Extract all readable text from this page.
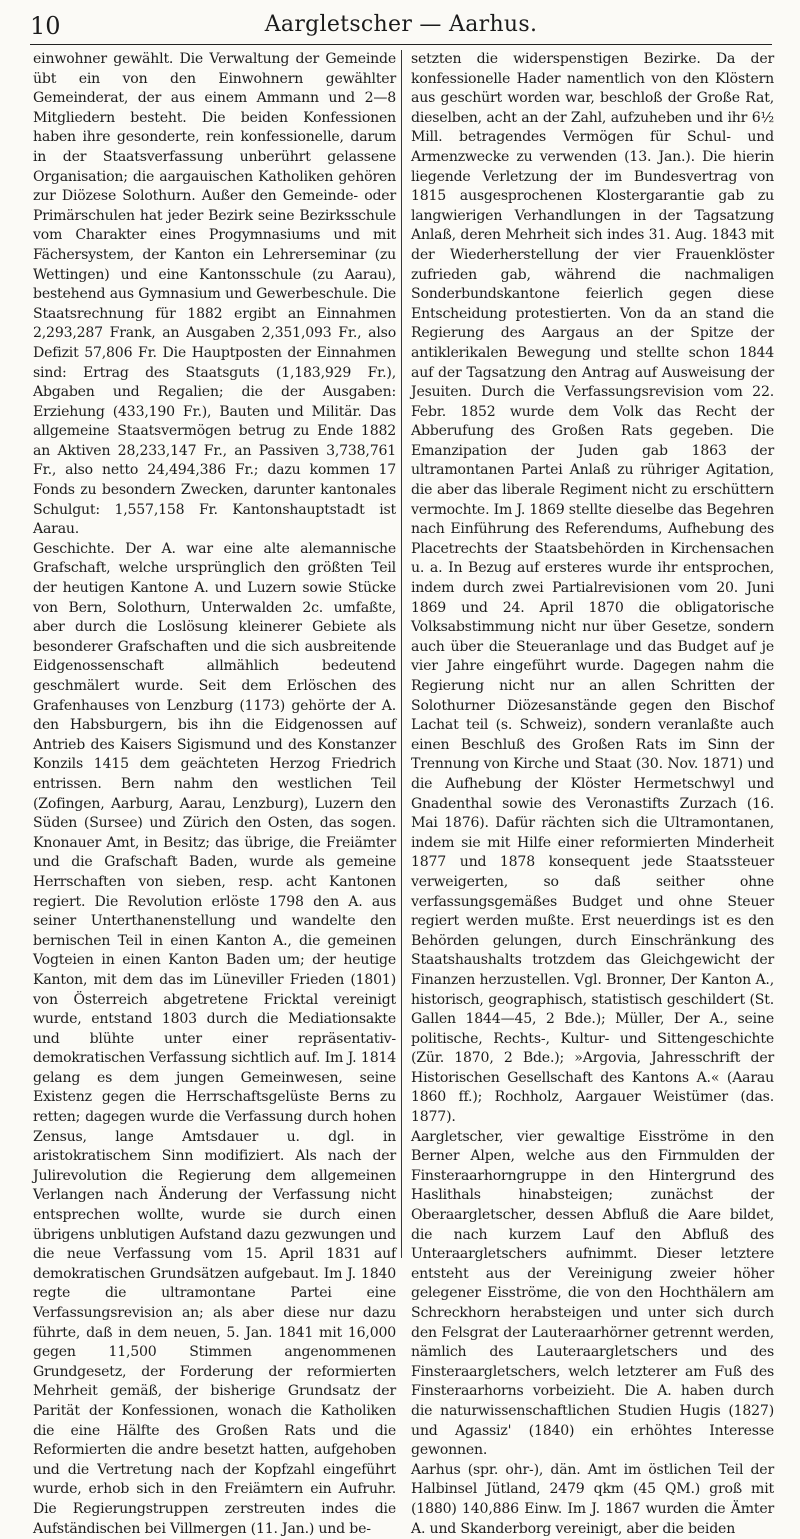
10	Aargletscher — Aarhus.

einwohner gewählt. Die Verwaltung der Gemeinde übt ein von den Einwohnern gewählter Gemeinderat, der aus einem Ammann und 2—8 Mitgliedern besteht. Die beiden Konfessionen haben ihre gesonderte, rein konfessionelle, darum in der Staatsverfassung unberührt gelassene Organisation; die aargauischen Katholiken gehören zur Diözese Solothurn. Außer den Gemeinde- oder Primärschulen hat jeder Bezirk seine Bezirksschule vom Charakter eines Progymnasiums und mit Fächersystem, der Kanton ein Lehrerseminar (zu Wettingen) und eine Kantonsschule (zu Aarau), bestehend aus Gymnasium und Gewerbeschule. Die Staatsrechnung für 1882 ergibt an Einnahmen 2,293,287 Frank, an Ausgaben 2,351,093 Fr., also Defizit 57,806 Fr. Die Hauptposten der Einnahmen sind: Ertrag des Staatsguts (1,183,929 Fr.), Abgaben und Regalien; die der Ausgaben: Erziehung (433,190 Fr.), Bauten und Militär. Das allgemeine Staatsvermögen betrug zu Ende 1882 an Aktiven 28,233,147 Fr., an Passiven 3,738,761 Fr., also netto 24,494,386 Fr.; dazu kommen 17 Fonds zu besondern Zwecken, darunter kantonales Schulgut: 1,557,158 Fr. Kantonshauptstadt ist Aarau.

Geschichte. Der A. war eine alte alemannische Grafschaft, welche ursprünglich den größten Teil der heutigen Kantone A. und Luzern sowie Stücke von Bern, Solothurn, Unterwalden 2c. umfaßte, aber durch die Loslösung kleinerer Gebiete als besonderer Grafschaften und die sich ausbreitende Eidgenossenschaft allmählich bedeutend geschmälert wurde. Seit dem Erlöschen des Grafenhauses von Lenzburg (1173) gehörte der A. den Habsburgern, bis ihn die Eidgenossen auf Antrieb des Kaisers Sigismund und des Konstanzer Konzils 1415 dem geächteten Herzog Friedrich entrissen. Bern nahm den westlichen Teil (Zofingen, Aarburg, Aarau, Lenzburg), Luzern den Süden (Sursee) und Zürich den Osten, das sogen. Knonauer Amt, in Besitz; das übrige, die Freiämter und die Grafschaft Baden, wurde als gemeine Herrschaften von sieben, resp. acht Kantonen regiert. Die Revolution erlöste 1798 den A. aus seiner Unterthanenstellung und wandelte den bernischen Teil in einen Kanton A., die gemeinen Vogteien in einen Kanton Baden um; der heutige Kanton, mit dem das im Lüneviller Frieden (1801) von Österreich abgetretene Fricktal vereinigt wurde, entstand 1803 durch die Mediationsakte und blühte unter einer repräsentativ-demokratischen Verfassung sichtlich auf. Im J. 1814 gelang es dem jungen Gemeinwesen, seine Existenz gegen die Herrschaftsgelüste Berns zu retten; dagegen wurde die Verfassung durch hohen Zensus, lange Amtsdauer u. dgl. in aristokratischem Sinn modifiziert. Als nach der Julirevolution die Regierung dem allgemeinen Verlangen nach Änderung der Verfassung nicht entsprechen wollte, wurde sie durch einen übrigens unblutigen Aufstand dazu gezwungen und die neue Verfassung vom 15. April 1831 auf demokratischen Grundsätzen aufgebaut. Im J. 1840 regte die ultramontane Partei eine Verfassungsrevision an; als aber diese nur dazu führte, daß in dem neuen, 5. Jan. 1841 mit 16,000 gegen 11,500 Stimmen angenommenen Grundgesetz, der Forderung der reformierten Mehrheit gemäß, der bisherige Grundsatz der Parität der Konfessionen, wonach die Katholiken die eine Hälfte des Großen Rats und die Reformierten die andre besetzt hatten, aufgehoben und die Vertretung nach der Kopfzahl eingeführt wurde, erhob sich in den Freiämtern ein Aufruhr. Die Regierungstruppen zerstreuten indes die Aufständischen bei Villmergen (11. Jan.) und be-

setzten die widerspenstigen Bezirke. Da der konfessionelle Hader namentlich von den Klöstern aus geschürt worden war, beschloß der Große Rat, dieselben, acht an der Zahl, aufzuheben und ihr 6½ Mill. betragendes Vermögen für Schul- und Armenzwecke zu verwenden (13. Jan.). Die hierin liegende Verletzung der im Bundesvertrag von 1815 ausgesprochenen Klostergarantie gab zu langwierigen Verhandlungen in der Tagsatzung Anlaß, deren Mehrheit sich indes 31. Aug. 1843 mit der Wiederherstellung der vier Frauenklöster zufrieden gab, während die nachmaligen Sonderbundskantone feierlich gegen diese Entscheidung protestierten. Von da an stand die Regierung des Aargaus an der Spitze der antiklerikalen Bewegung und stellte schon 1844 auf der Tagsatzung den Antrag auf Ausweisung der Jesuiten. Durch die Verfassungsrevision vom 22. Febr. 1852 wurde dem Volk das Recht der Abberufung des Großen Rats gegeben. Die Emanzipation der Juden gab 1863 der ultramontanen Partei Anlaß zu rühriger Agitation, die aber das liberale Regiment nicht zu erschüttern vermochte. Im J. 1869 stellte dieselbe das Begehren nach Einführung des Referendums, Aufhebung des Placetrechts der Staatsbehörden in Kirchensachen u. a. In Bezug auf ersteres wurde ihr entsprochen, indem durch zwei Partialrevisionen vom 20. Juni 1869 und 24. April 1870 die obligatorische Volksabstimmung nicht nur über Gesetze, sondern auch über die Steueranlage und das Budget auf je vier Jahre eingeführt wurde. Dagegen nahm die Regierung nicht nur an allen Schritten der Solothurner Diözesanstände gegen den Bischof Lachat teil (s. Schweiz), sondern veranlaßte auch einen Beschluß des Großen Rats im Sinn der Trennung von Kirche und Staat (30. Nov. 1871) und die Aufhebung der Klöster Hermetschwyl und Gnadenthal sowie des Veronastifts Zurzach (16. Mai 1876). Dafür rächten sich die Ultramontanen, indem sie mit Hilfe einer reformierten Minderheit 1877 und 1878 konsequent jede Staatssteuer verweigerten, so daß seither ohne verfassungsgemäßes Budget und ohne Steuer regiert werden mußte. Erst neuerdings ist es den Behörden gelungen, durch Einschränkung des Staatshaushalts trotzdem das Gleichgewicht der Finanzen herzustellen. Vgl. Bronner, Der Kanton A., historisch, geographisch, statistisch geschildert (St. Gallen 1844—45, 2 Bde.); Müller, Der A., seine politische, Rechts-, Kultur- und Sittengeschichte (Zür. 1870, 2 Bde.); »Argovia, Jahresschrift der Historischen Gesellschaft des Kantons A.« (Aarau 1860 ff.); Rochholz, Aargauer Weistümer (das. 1877).

Aargletscher, vier gewaltige Eisströme in den Berner Alpen, welche aus den Firnmulden der Finsteraarhorngruppe in den Hintergrund des Haslithals hinabsteigen; zunächst der Oberaargletscher, dessen Abfluß die Aare bildet, die nach kurzem Lauf den Abfluß des Unteraargletschers aufnimmt. Dieser letztere entsteht aus der Vereinigung zweier höher gelegener Eisströme, die von den Hochthälern am Schreckhorn herabsteigen und unter sich durch den Felsgrat der Lauteraarhörner getrennt werden, nämlich des Lauteraargletschers und des Finsteraargletschers, welch letzterer am Fuß des Finsteraarhorns vorbeizieht. Die A. haben durch die naturwissenschaftlichen Studien Hugis (1827) und Agassiz' (1840) ein erhöhtes Interesse gewonnen.

Aarhus (spr. ohr-), dän. Amt im östlichen Teil der Halbinsel Jütland, 2479 qkm (45 QM.) groß mit (1880) 140,886 Einw. Im J. 1867 wurden die Ämter A. und Skanderborg vereinigt, aber die beiden
